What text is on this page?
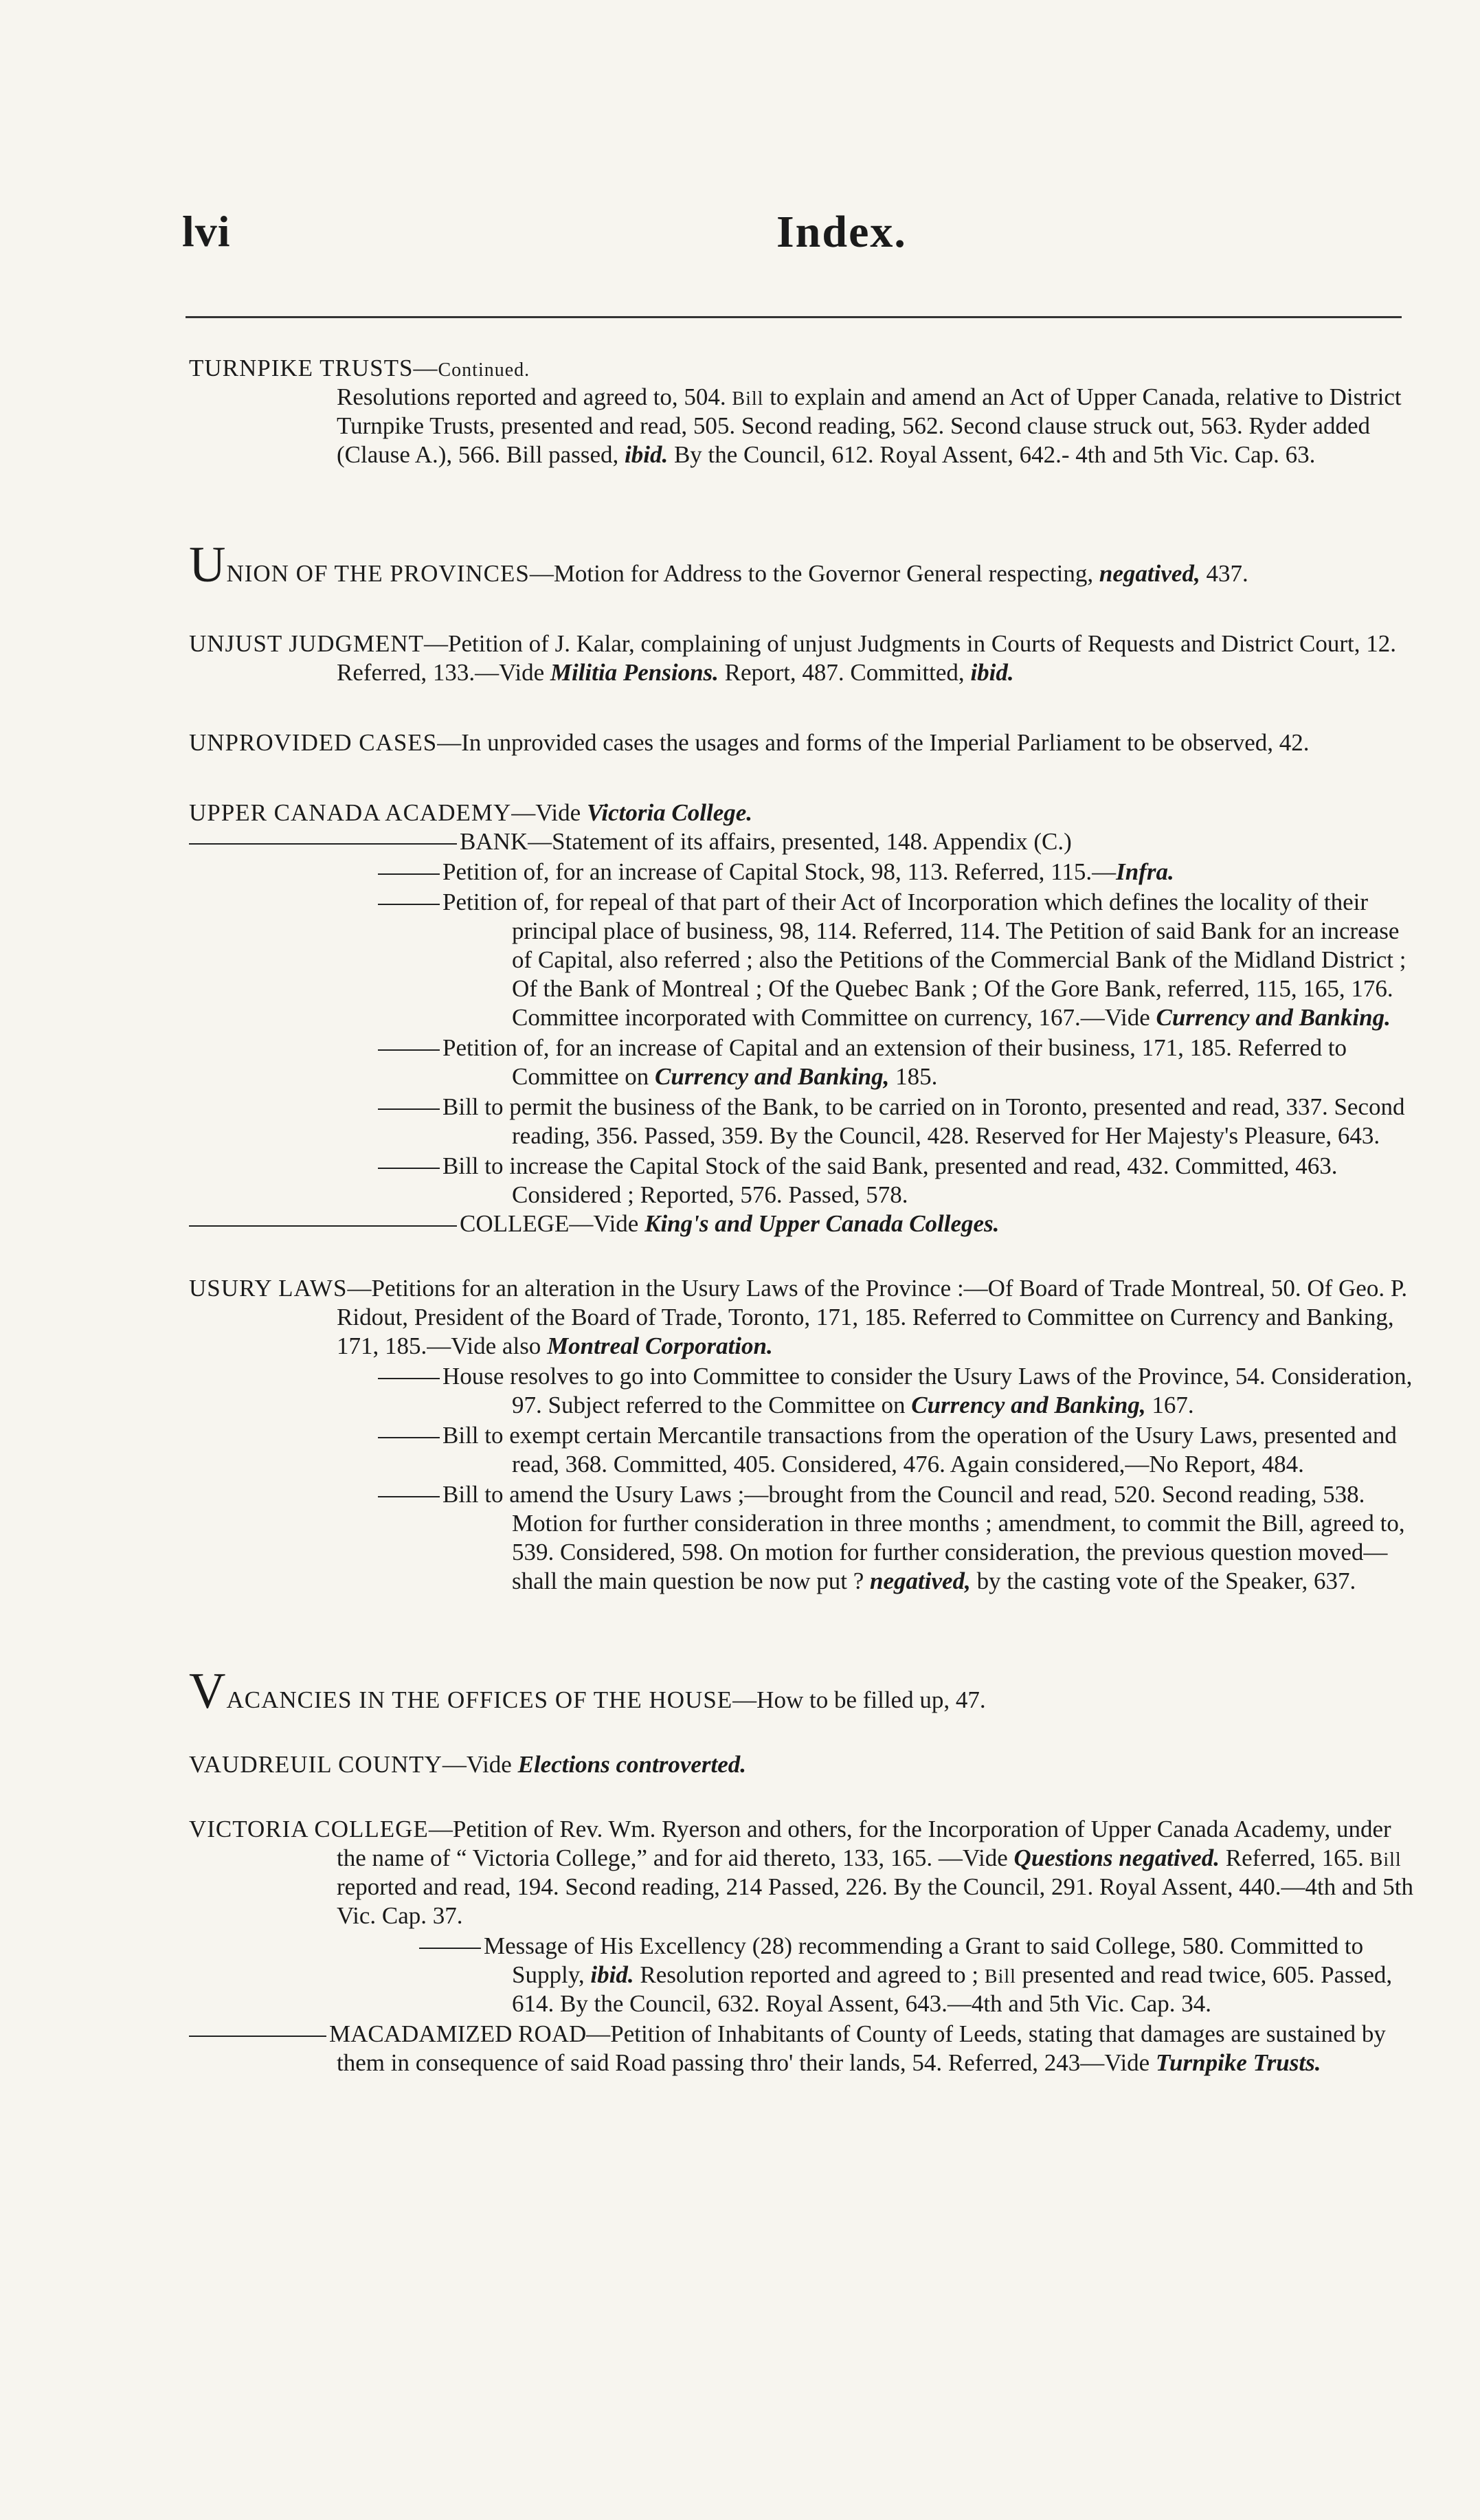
lvi	Index.
TURNPIKE TRUSTS—Continued.
Resolutions reported and agreed to, 504. Bill to explain and amend an Act of Upper Canada, relative to District Turnpike Trusts, presented and read, 505. Second reading, 562. Second clause struck out, 563. Ryder added (Clause A.), 566. Bill passed, ibid. By the Council, 612. Royal Assent, 642.- 4th and 5th Vic. Cap. 63.
UNION OF THE PROVINCES—Motion for Address to the Governor General respecting, negatived, 437.
UNJUST JUDGMENT—Petition of J. Kalar, complaining of unjust Judgments in Courts of Requests and District Court, 12. Referred, 133.—Vide Militia Pensions. Report, 487. Committed, ibid.
UNPROVIDED CASES—In unprovided cases the usages and forms of the Imperial Parliament to be observed, 42.
UPPER CANADA ACADEMY—Vide Victoria College.
BANK—Statement of its affairs, presented, 148. Appendix (C.)
Petition of, for an increase of Capital Stock, 98, 113. Referred, 115.—Infra.
Petition of, for repeal of that part of their Act of Incorporation which defines the locality of their principal place of business, 98, 114. Referred, 114. The Petition of said Bank for an increase of Capital, also referred ; also the Petitions of the Commercial Bank of the Midland District ; Of the Bank of Montreal ; Of the Quebec Bank ; Of the Gore Bank, referred, 115, 165, 176. Committee incorporated with Committee on currency, 167.—Vide Currency and Banking.
Petition of, for an increase of Capital and an extension of their business, 171, 185. Referred to Committee on Currency and Banking, 185.
Bill to permit the business of the Bank, to be carried on in Toronto, presented and read, 337. Second reading, 356. Passed, 359. By the Council, 428. Reserved for Her Majesty's Pleasure, 643.
Bill to increase the Capital Stock of the said Bank, presented and read, 432. Committed, 463. Considered ; Reported, 576. Passed, 578.
COLLEGE—Vide King's and Upper Canada Colleges.
USURY LAWS—Petitions for an alteration in the Usury Laws of the Province :—Of Board of Trade Montreal, 50. Of Geo. P. Ridout, President of the Board of Trade, Toronto, 171, 185. Referred to Committee on Currency and Banking, 171, 185.—Vide also Montreal Corporation.
House resolves to go into Committee to consider the Usury Laws of the Province, 54. Consideration, 97. Subject referred to the Committee on Currency and Banking, 167.
Bill to exempt certain Mercantile transactions from the operation of the Usury Laws, presented and read, 368. Committed, 405. Considered, 476. Again considered,—No Report, 484.
Bill to amend the Usury Laws ;—brought from the Council and read, 520. Second reading, 538. Motion for further consideration in three months ; amendment, to commit the Bill, agreed to, 539. Considered, 598. On motion for further consideration, the previous question moved—shall the main question be now put ? negatived, by the casting vote of the Speaker, 637.
VACANCIES IN THE OFFICES OF THE HOUSE—How to be filled up, 47.
VAUDREUIL COUNTY—Vide Elections controverted.
VICTORIA COLLEGE—Petition of Rev. Wm. Ryerson and others, for the Incorporation of Upper Canada Academy, under the name of “ Victoria College,” and for aid thereto, 133, 165. —Vide Questions negatived. Referred, 165. Bill reported and read, 194. Second reading, 214 Passed, 226. By the Council, 291. Royal Assent, 440.—4th and 5th Vic. Cap. 37.
Message of His Excellency (28) recommending a Grant to said College, 580. Committed to Supply, ibid. Resolution reported and agreed to ; Bill presented and read twice, 605. Passed, 614. By the Council, 632. Royal Assent, 643.—4th and 5th Vic. Cap. 34.
MACADAMIZED ROAD—Petition of Inhabitants of County of Leeds, stating that damages are sustained by them in consequence of said Road passing thro' their lands, 54. Referred, 243—Vide Turnpike Trusts.
